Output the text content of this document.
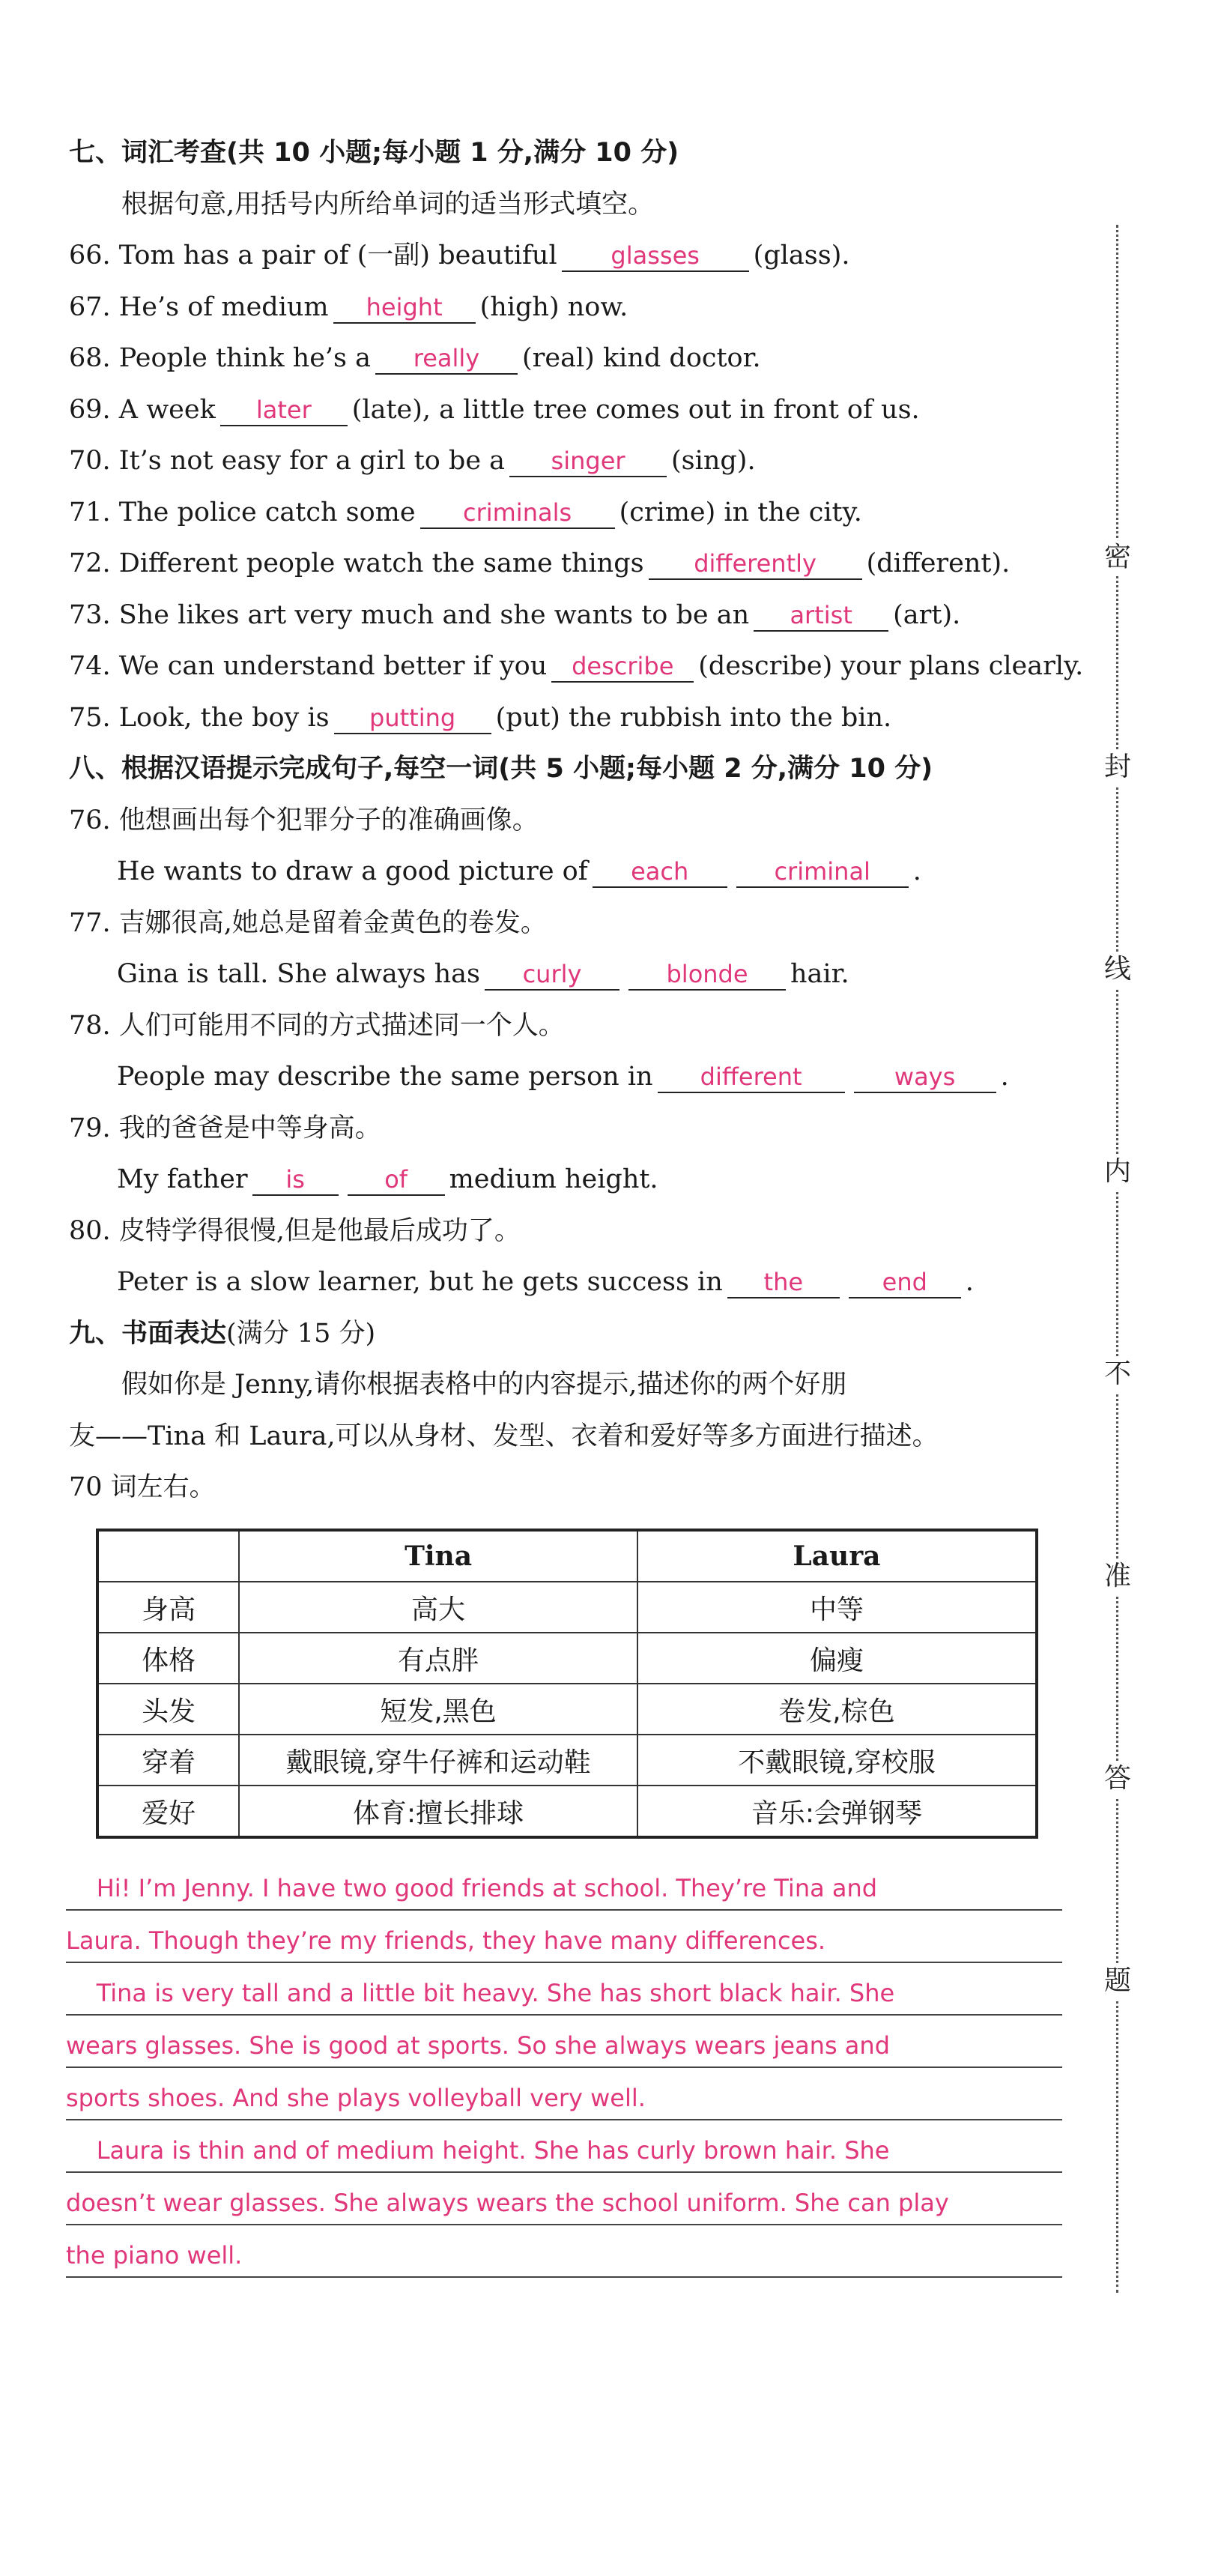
七、词汇考查(共 10 小题;每小题 1 分,满分 10 分)
根据句意,用括号内所给单词的适当形式填空。
66. Tom has a pair of (一副) beautiful glasses (glass).
67. He’s of medium height (high) now.
68. People think he’s a really (real) kind doctor.
69. A week later (late), a little tree comes out in front of us.
70. It’s not easy for a girl to be a singer (sing).
71. The police catch some criminals (crime) in the city.
72. Different people watch the same things differently (different).
73. She likes art very much and she wants to be an artist (art).
74. We can understand better if you describe (describe) your plans clearly.
75. Look, the boy is putting (put) the rubbish into the bin.
八、根据汉语提示完成句子,每空一词(共 5 小题;每小题 2 分,满分 10 分)
76. 他想画出每个犯罪分子的准确画像。
He wants to draw a good picture of each	criminal .
77. 吉娜很高,她总是留着金黄色的卷发。
Gina is tall. She always has curly	blonde hair.
78. 人们可能用不同的方式描述同一个人。
People may describe the same person in different	ways .
79. 我的爸爸是中等身高。
My father is	of medium height.
80. 皮特学得很慢,但是他最后成功了。
Peter is a slow learner, but he gets success in the	end .
九、书面表达(满分 15 分)
假如你是 Jenny,请你根据表格中的内容提示,描述你的两个好朋
友——Tina 和 Laura,可以从身材、发型、衣着和爱好等多方面进行描述。
70 词左右。
	Tina	Laura
身高	高大	中等
体格	有点胖	偏瘦
头发	短发,黑色	卷发,棕色
穿着	戴眼镜,穿牛仔裤和运动鞋	不戴眼镜,穿校服
爱好	体育:擅长排球	音乐:会弹钢琴
Hi! I’m Jenny. I have two good friends at school. They’re Tina and
Laura. Though they’re my friends, they have many differences.
Tina is very tall and a little bit heavy. She has short black hair. She
wears glasses. She is good at sports. So she always wears jeans and
sports shoes. And she plays volleyball very well.
Laura is thin and of medium height. She has curly brown hair. She
doesn’t wear glasses. She always wears the school uniform. She can play
the piano well.
密
封
线
内
不
准
答
题
